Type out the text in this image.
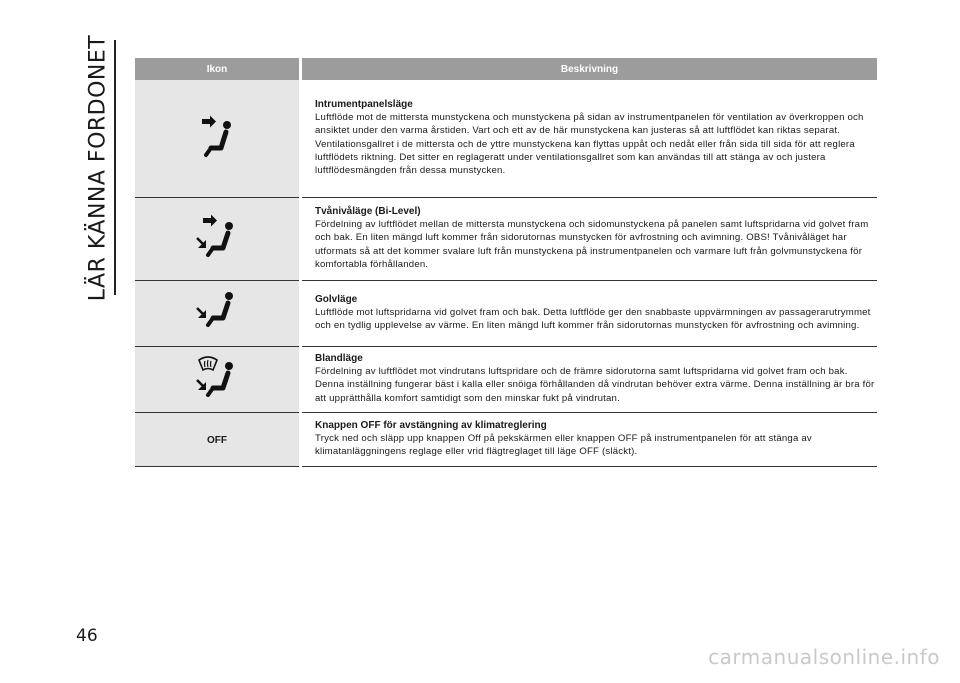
LÄR KÄNNA FORDONET	Ikon	Beskrivning

Intrumentpanelsläge
Luftflöde mot de mittersta munstyckena och munstyckena på sidan av instrumentpanelen för ventilation av överkroppen och ansiktet under den varma årstiden. Vart och ett av de här munstyckena kan justeras så att luftflödet kan riktas separat. Ventilationsgallret i de mittersta och de yttre munstyckena kan flyttas uppåt och nedåt eller från sida till sida för att reglera luftflödets riktning. Det sitter en reglageratt under ventilationsgallret som kan användas till att stänga av och justera luftflödesmängden från dessa munstycken.

Tvånivåläge (Bi-Level)
Fördelning av luftflödet mellan de mittersta munstyckena och sidomunstyckena på panelen samt luftspridarna vid golvet fram och bak. En liten mängd luft kommer från sidorutornas munstycken för avfrostning och avimning. OBS! Tvånivåläget har utformats så att det kommer svalare luft från munstyckena på instrumentpanelen och varmare luft från golvmunstyckena för komfortabla förhållanden.

Golvläge
Luftflöde mot luftspridarna vid golvet fram och bak. Detta luftflöde ger den snabbaste uppvärmningen av passagerarutrymmet och en tydlig upplevelse av värme. En liten mängd luft kommer från sidorutornas munstycken för avfrostning och avimning.

Blandläge
Fördelning av luftflödet mot vindrutans luftspridare och de främre sidorutorna samt luftspridarna vid golvet fram och bak. Denna inställning fungerar bäst i kalla eller snöiga förhållanden då vindrutan behöver extra värme. Denna inställning är bra för att upprätthålla komfort samtidigt som den minskar fukt på vindrutan.

OFF	Knappen OFF för avstängning av klimatreglering
Tryck ned och släpp upp knappen Off på pekskärmen eller knappen OFF på instrumentpanelen för att stänga av klimatanläggningens reglage eller vrid flägtreglaget till läge OFF (släckt).
46
carmanualsonline.info
